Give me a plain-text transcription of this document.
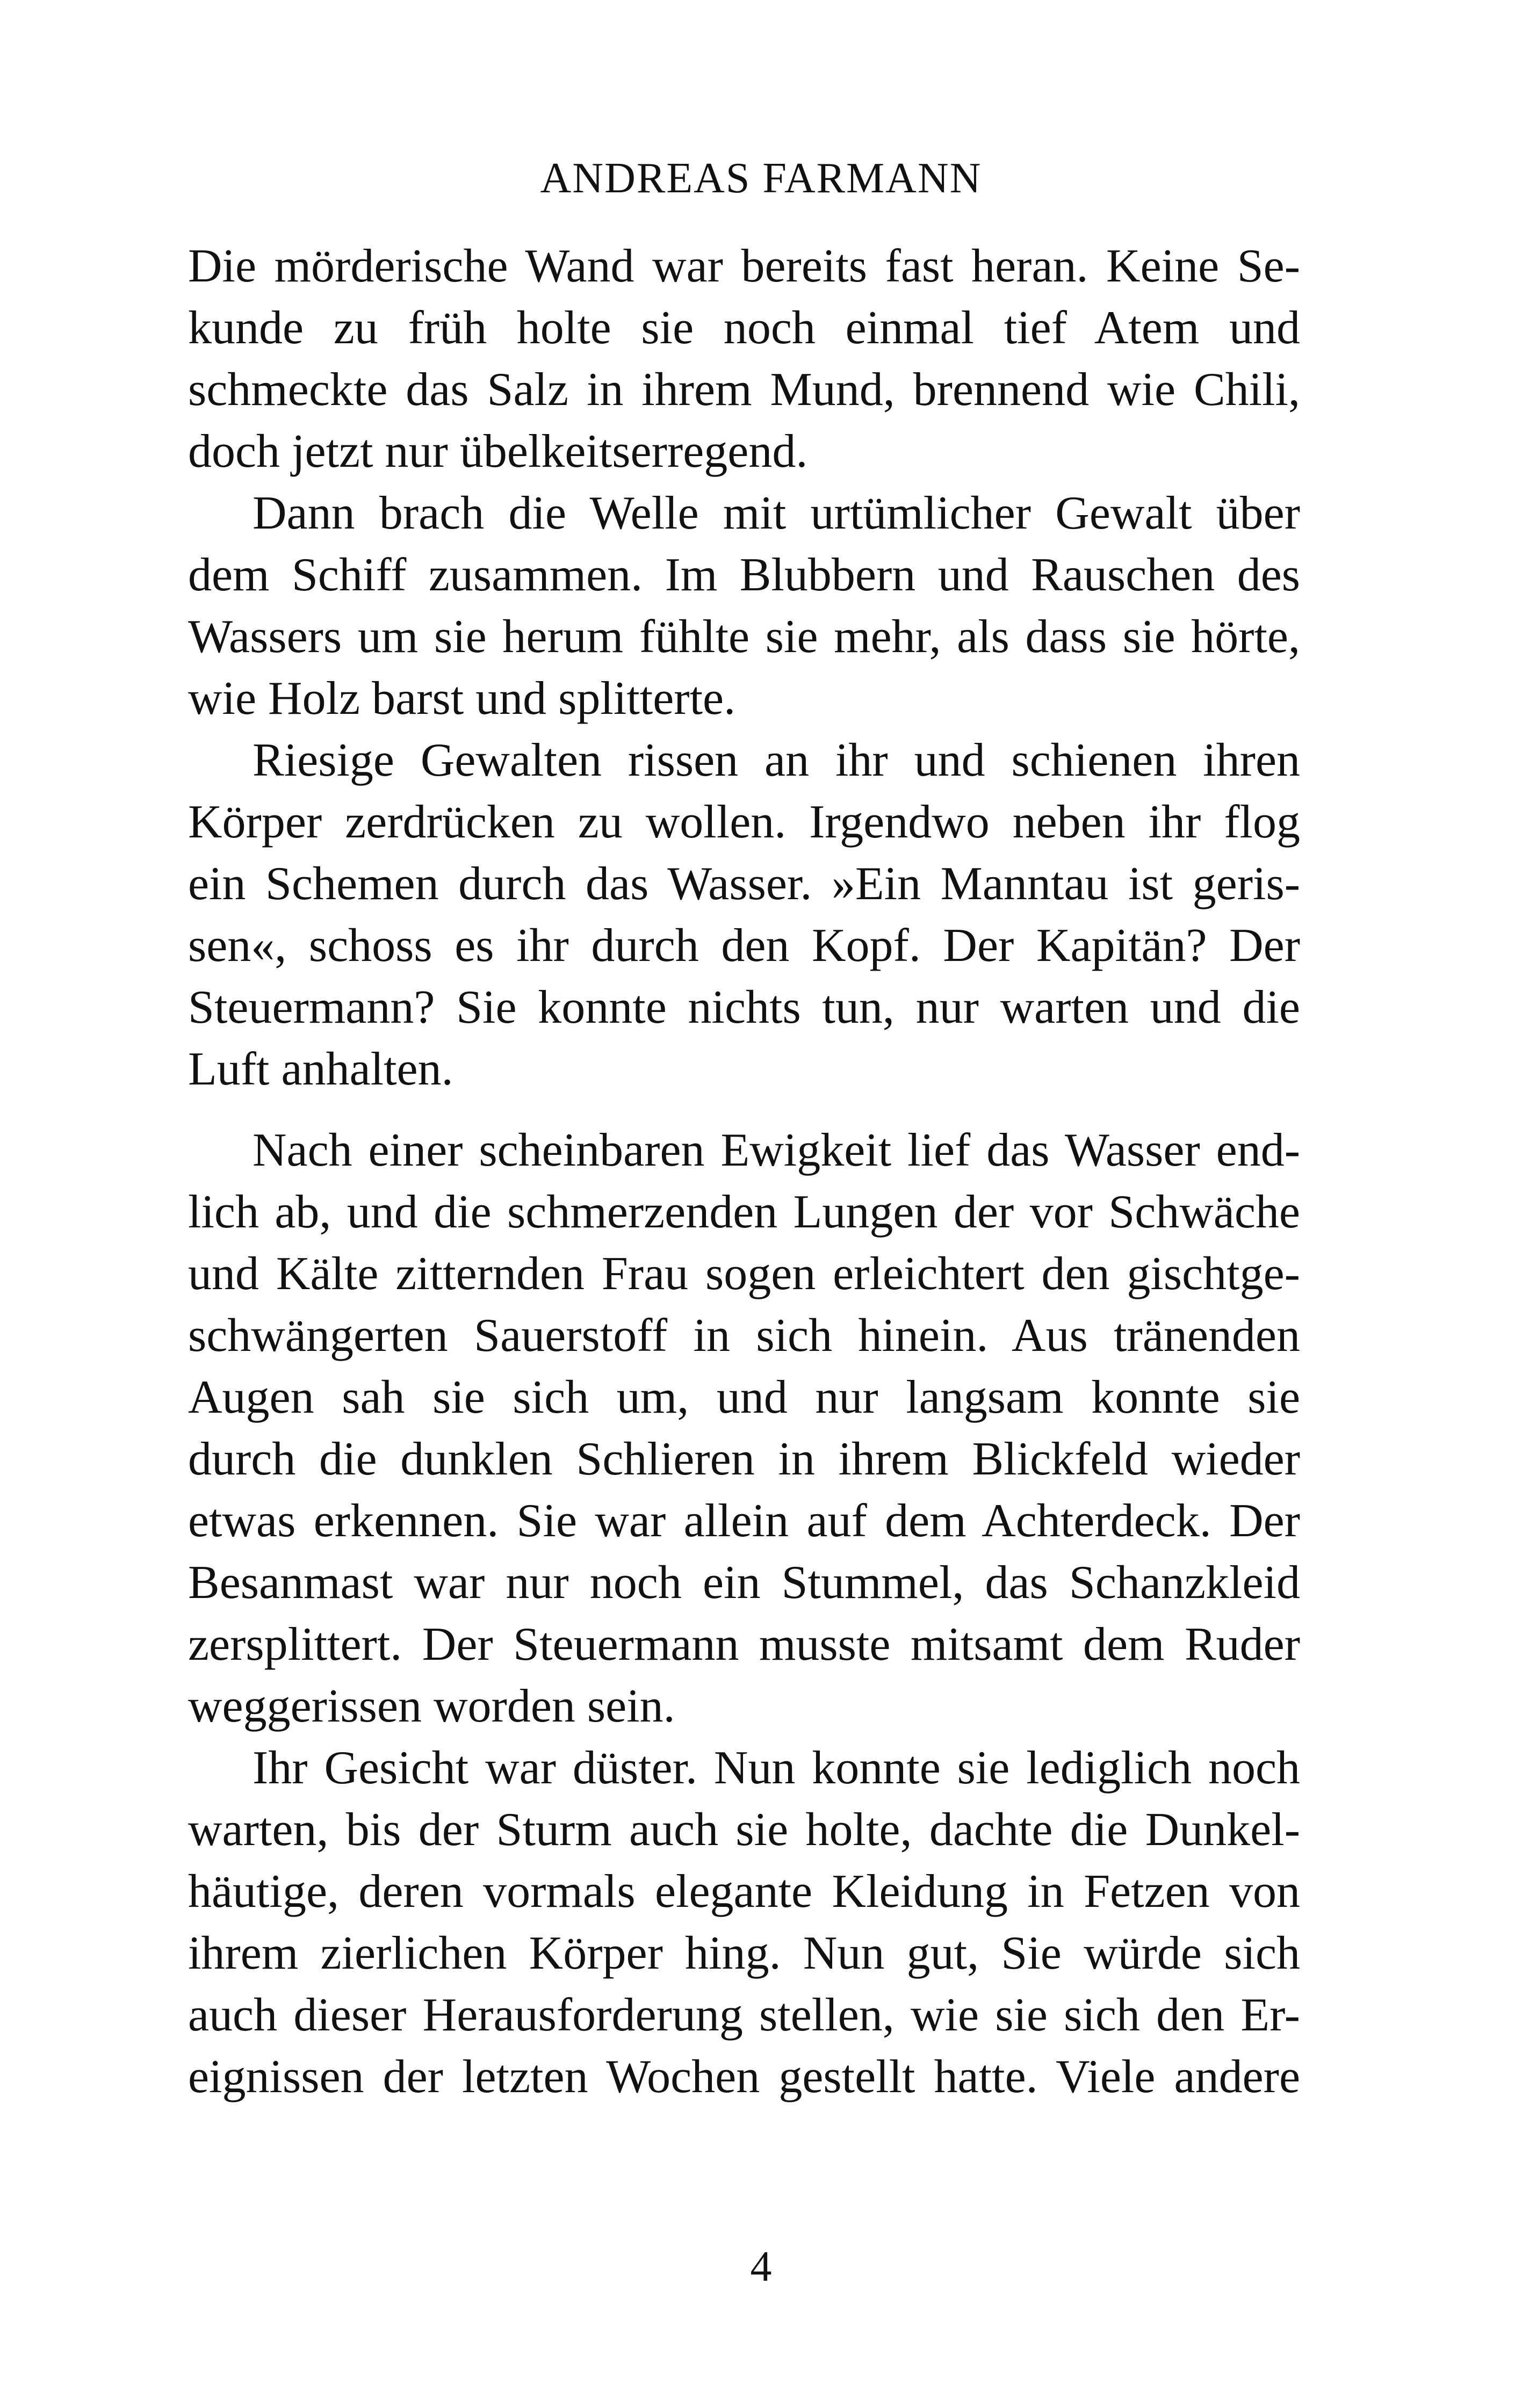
ANDREAS FARMANN
Die mörderische Wand war bereits fast heran. Keine Se-
kunde zu früh holte sie noch einmal tief Atem und
schmeckte das Salz in ihrem Mund, brennend wie Chili,
doch jetzt nur übelkeitserregend.
Dann brach die Welle mit urtümlicher Gewalt über
dem Schiff zusammen. Im Blubbern und Rauschen des
Wassers um sie herum fühlte sie mehr, als dass sie hörte,
wie Holz barst und splitterte.
Riesige Gewalten rissen an ihr und schienen ihren
Körper zerdrücken zu wollen. Irgendwo neben ihr flog
ein Schemen durch das Wasser. »Ein Manntau ist geris-
sen«, schoss es ihr durch den Kopf. Der Kapitän? Der
Steuermann? Sie konnte nichts tun, nur warten und die
Luft anhalten.
Nach einer scheinbaren Ewigkeit lief das Wasser end-
lich ab, und die schmerzenden Lungen der vor Schwäche
und Kälte zitternden Frau sogen erleichtert den gischtge-
schwängerten Sauerstoff in sich hinein. Aus tränenden
Augen sah sie sich um, und nur langsam konnte sie
durch die dunklen Schlieren in ihrem Blickfeld wieder
etwas erkennen. Sie war allein auf dem Achterdeck. Der
Besanmast war nur noch ein Stummel, das Schanzkleid
zersplittert. Der Steuermann musste mitsamt dem Ruder
weggerissen worden sein.
Ihr Gesicht war düster. Nun konnte sie lediglich noch
warten, bis der Sturm auch sie holte, dachte die Dunkel-
häutige, deren vormals elegante Kleidung in Fetzen von
ihrem zierlichen Körper hing. Nun gut, Sie würde sich
auch dieser Herausforderung stellen, wie sie sich den Er-
eignissen der letzten Wochen gestellt hatte. Viele andere
4
